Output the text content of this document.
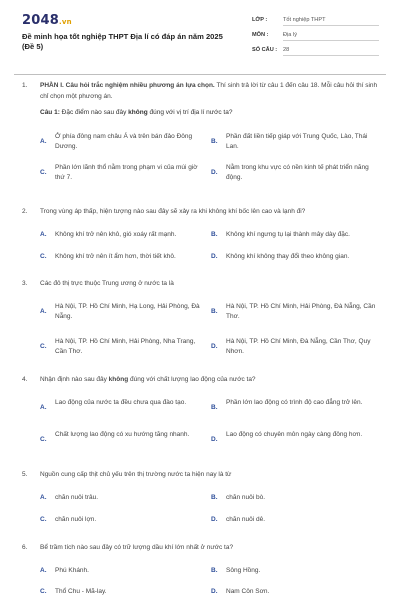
2048.vn
Đề minh họa tốt nghiệp THPT Địa lí có đáp án năm 2025 (Đề 5)
LỚP :	Tốt nghiệp THPT
MÔN :	Địa lý
SỐ CÂU : 28
1. PHẦN I. Câu hỏi trắc nghiệm nhiều phương án lựa chọn. Thí sinh trả lời từ câu 1 đến câu 18. Mỗi câu hỏi thí sinh chỉ chọn một phương án.
Câu 1: Đặc điểm nào sau đây không đúng với vị trí địa lí nước ta?
A.
Ở phía đông nam châu Á và trên bán đảo Đông Dương.
B.
Phần đất liền tiếp giáp với Trung Quốc, Lào, Thái Lan.
C.
Phần lớn lãnh thổ nằm trong phạm vi của múi giờ thứ 7.
D.
Nằm trong khu vực có nền kinh tế phát triển năng động.
2. Trong vùng áp thấp, hiện tượng nào sau đây sẽ xảy ra khi không khí bốc lên cao và lạnh đi?
A. Không khí trở nên khô, gió xoáy rất mạnh.	B. Không khí ngưng tụ lại thành mây dày đặc.
C. Không khí trở nên ít ẩm hơn, thời tiết khô.	D. Không khí không thay đổi theo không gian.
3. Các đô thị trực thuộc Trung ương ở nước ta là
A.
Hà Nội, TP. Hồ Chí Minh, Hạ Long, Hải Phòng, Đà Nẵng.
B.
Hà Nội, TP. Hồ Chí Minh, Hải Phòng, Đà Nẵng, Cần Thơ.
C.
Hà Nội, TP. Hồ Chí Minh, Hải Phòng, Nha Trang, Cần Thơ.
D.
Hà Nội, TP. Hồ Chí Minh, Đà Nẵng, Cần Thơ, Quy Nhơn.
4. Nhận định nào sau đây không đúng với chất lượng lao động của nước ta?
A.
Lao động của nước ta đều chưa qua đào tạo.
B.
Phần lớn lao động có trình độ cao đẳng trở lên.
C.
Chất lượng lao động có xu hướng tăng nhanh.
D.
Lao động có chuyên môn ngày càng đông hơn.
5. Nguồn cung cấp thịt chủ yếu trên thị trường nước ta hiện nay là từ
A. chăn nuôi trâu.	B. chăn nuôi bò.
C. chăn nuôi lợn.	D. chăn nuôi dê.
6. Bể trầm tích nào sau đây có trữ lượng dầu khí lớn nhất ở nước ta?
A. Phú Khánh.	B. Sông Hồng.
C. Thổ Chu - Mã-lay.	D. Nam Côn Sơn.
